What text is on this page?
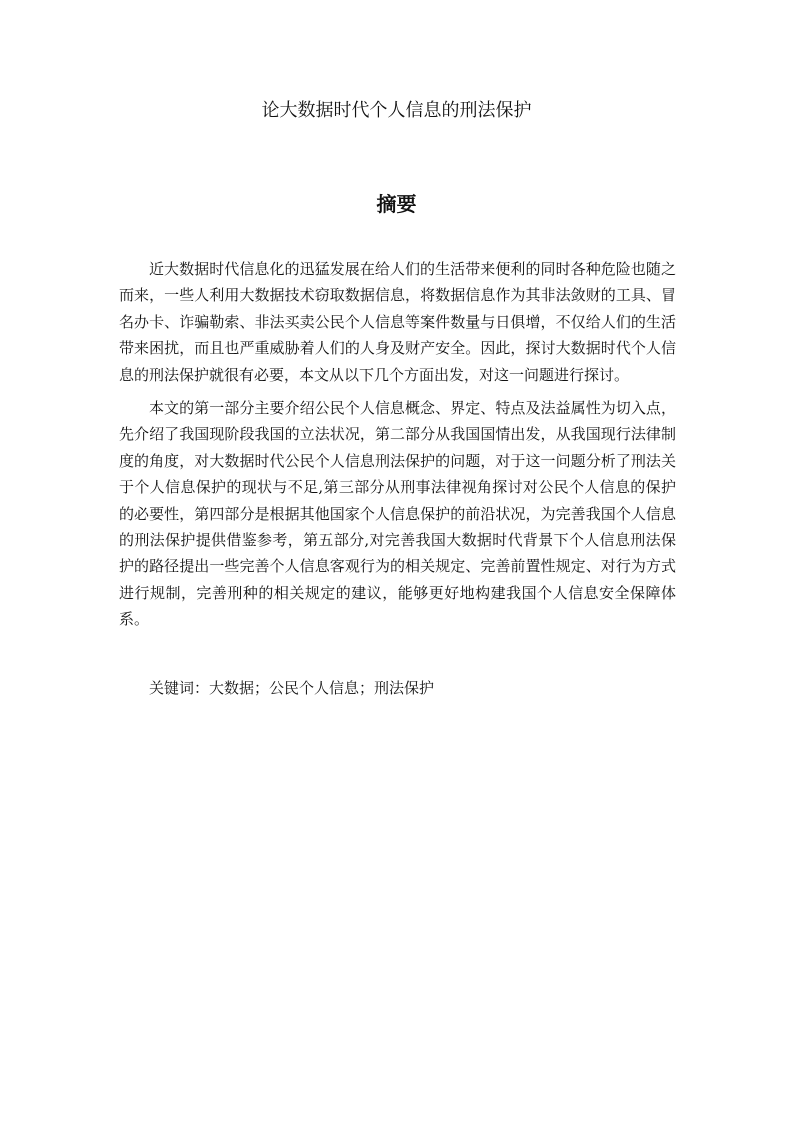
论大数据时代个人信息的刑法保护
摘要

近大数据时代信息化的迅猛发展在给人们的生活带来便利的同时各种危险也随之而来，一些人利用大数据技术窃取数据信息，将数据信息作为其非法敛财的工具、冒名办卡、诈骗勒索、非法买卖公民个人信息等案件数量与日俱增，不仅给人们的生活带来困扰，而且也严重威胁着人们的人身及财产安全。因此，探讨大数据时代个人信息的刑法保护就很有必要，本文从以下几个方面出发，对这一问题进行探讨。

本文的第一部分主要介绍公民个人信息概念、界定、特点及法益属性为切入点，先介绍了我国现阶段我国的立法状况，第二部分从我国国情出发，从我国现行法律制度的角度，对大数据时代公民个人信息刑法保护的问题，对于这一问题分析了刑法关于个人信息保护的现状与不足,第三部分从刑事法律视角探讨对公民个人信息的保护的必要性，第四部分是根据其他国家个人信息保护的前沿状况，为完善我国个人信息的刑法保护提供借鉴参考，第五部分,对完善我国大数据时代背景下个人信息刑法保护的路径提出一些完善个人信息客观行为的相关规定、完善前置性规定、对行为方式进行规制，完善刑种的相关规定的建议，能够更好地构建我国个人信息安全保障体系。

关键词：大数据；公民个人信息；刑法保护
